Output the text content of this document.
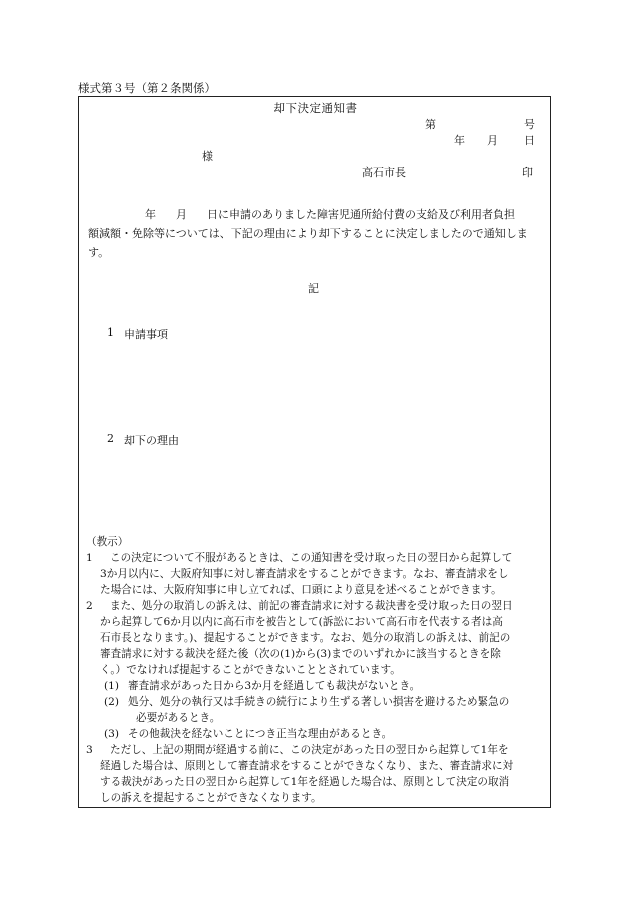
様式第３号（第２条関係）
却下決定通知書
第	号
年 月 日
様
高石市長	印
年 月 日に申請のありました障害児通所給付費の支給及び利用者負担
額減額・免除等については、下記の理由により却下することに決定しましたので通知しま
す。
記
1 申請事項
2 却下の理由
（教示）
1	この決定について不服があるときは、この通知書を受け取った日の翌日から起算して
3か月以内に、大阪府知事に対し審査請求をすることができます。なお、審査請求をし
た場合には、大阪府知事に申し立てれば、口頭により意見を述べることができます。
2	また、処分の取消しの訴えは、前記の審査請求に対する裁決書を受け取った日の翌日
から起算して6か月以内に高石市を被告として(訴訟において高石市を代表する者は高
石市長となります。)、提起することができます。なお、処分の取消しの訴えは、前記の
審査請求に対する裁決を経た後（次の(1)から(3)までのいずれかに該当するときを除
く。）でなければ提起することができないこととされています。
(1) 審査請求があった日から3か月を経過しても裁決がないとき。
(2) 処分、処分の執行又は手続きの続行により生ずる著しい損害を避けるため緊急の
必要があるとき。
(3) その他裁決を経ないことにつき正当な理由があるとき。
3	ただし、上記の期間が経過する前に、この決定があった日の翌日から起算して1年を
経過した場合は、原則として審査請求をすることができなくなり、また、審査請求に対
する裁決があった日の翌日から起算して1年を経過した場合は、原則として決定の取消
しの訴えを提起することができなくなります。
